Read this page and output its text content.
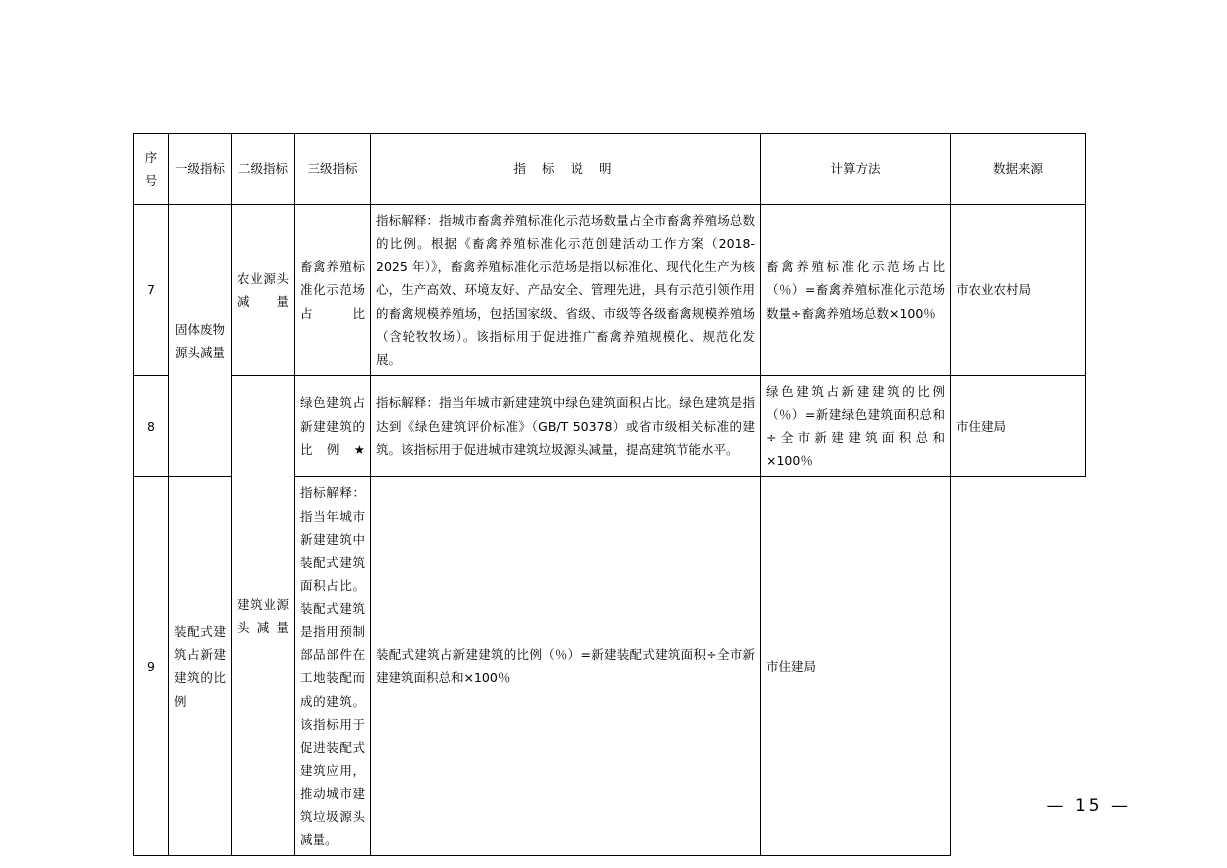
序号	一级指标	二级指标	三级指标	指 标 说 明	计算方法	数据来源
7	固体废物源头减量	农业源头减量	畜禽养殖标准化示范场占比	指标解释：指城市畜禽养殖标准化示范场数量占全市畜禽养殖场总数的比例。根据《畜禽养殖标准化示范创建活动工作方案（2018-2025 年）》，畜禽养殖标准化示范场是指以标准化、现代化生产为核心，生产高效、环境友好、产品安全、管理先进，具有示范引领作用的畜禽规模养殖场，包括国家级、省级、市级等各级畜禽规模养殖场（含轮牧牧场）。该指标用于促进推广畜禽养殖规模化、规范化发展。	畜禽养殖标准化示范场占比（％）=畜禽养殖标准化示范场数量÷畜禽养殖场总数×100％	市农业农村局
8		建筑业源头减量	绿色建筑占新建建筑的比例★	指标解释：指当年城市新建建筑中绿色建筑面积占比。绿色建筑是指达到《绿色建筑评价标准》（GB/T 50378）或省市级相关标准的建筑。该指标用于促进城市建筑垃圾源头减量，提高建筑节能水平。	绿色建筑占新建建筑的比例（％）=新建绿色建筑面积总和÷全市新建建筑面积总和×100％	市住建局
9	装配式建筑占新建建筑的比例		指标解释：指当年城市新建建筑中装配式建筑面积占比。装配式建筑是指用预制部品部件在工地装配而成的建筑。该指标用于促进装配式建筑应用，推动城市建筑垃圾源头减量。	装配式建筑占新建建筑的比例（％）=新建装配式建筑面积÷全市新建建筑面积总和×100％	市住建局	
— 15 —
